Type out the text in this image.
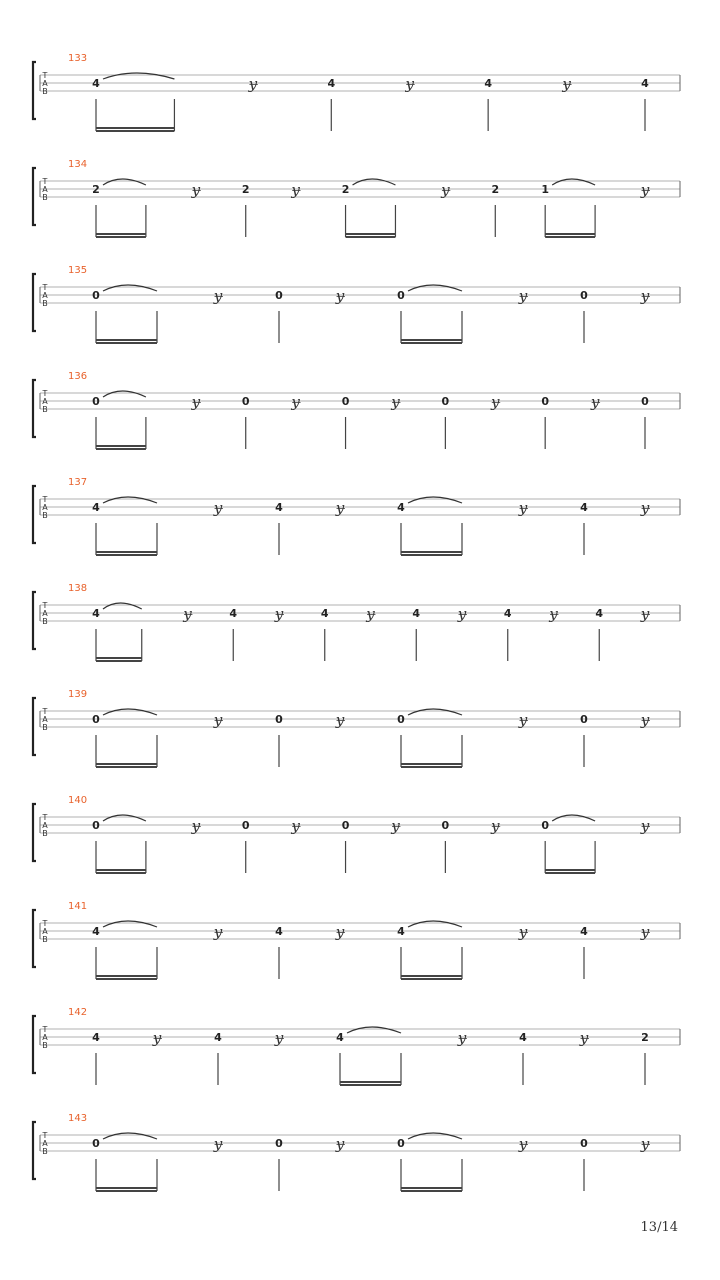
T
A
B
133
4	ɏ	4	ɏ	4	ɏ	4
T
A
B
134
2	ɏ	2	ɏ	2	ɏ	2	1	ɏ
T
A
B
135
0	ɏ	0	ɏ	0	ɏ	0	ɏ
T
A
B
136
0	ɏ	0	ɏ	0	ɏ	0	ɏ	0	ɏ	0
T
A
B
137
4	ɏ	4	ɏ	4	ɏ	4	ɏ
T
A
B
138
4	ɏ	4	ɏ	4	ɏ	4	ɏ	4	ɏ	4	ɏ
T
A
B
139
0	ɏ	0	ɏ	0	ɏ	0	ɏ
T
A
B
140
0	ɏ	0	ɏ	0	ɏ	0	ɏ	0	ɏ
T
A
B
141
4	ɏ	4	ɏ	4	ɏ	4	ɏ
T
A
B
142
4	ɏ	4	ɏ	4	ɏ	4	ɏ	2
T
A
B
143
0	ɏ	0	ɏ	0	ɏ	0	ɏ
13/14
